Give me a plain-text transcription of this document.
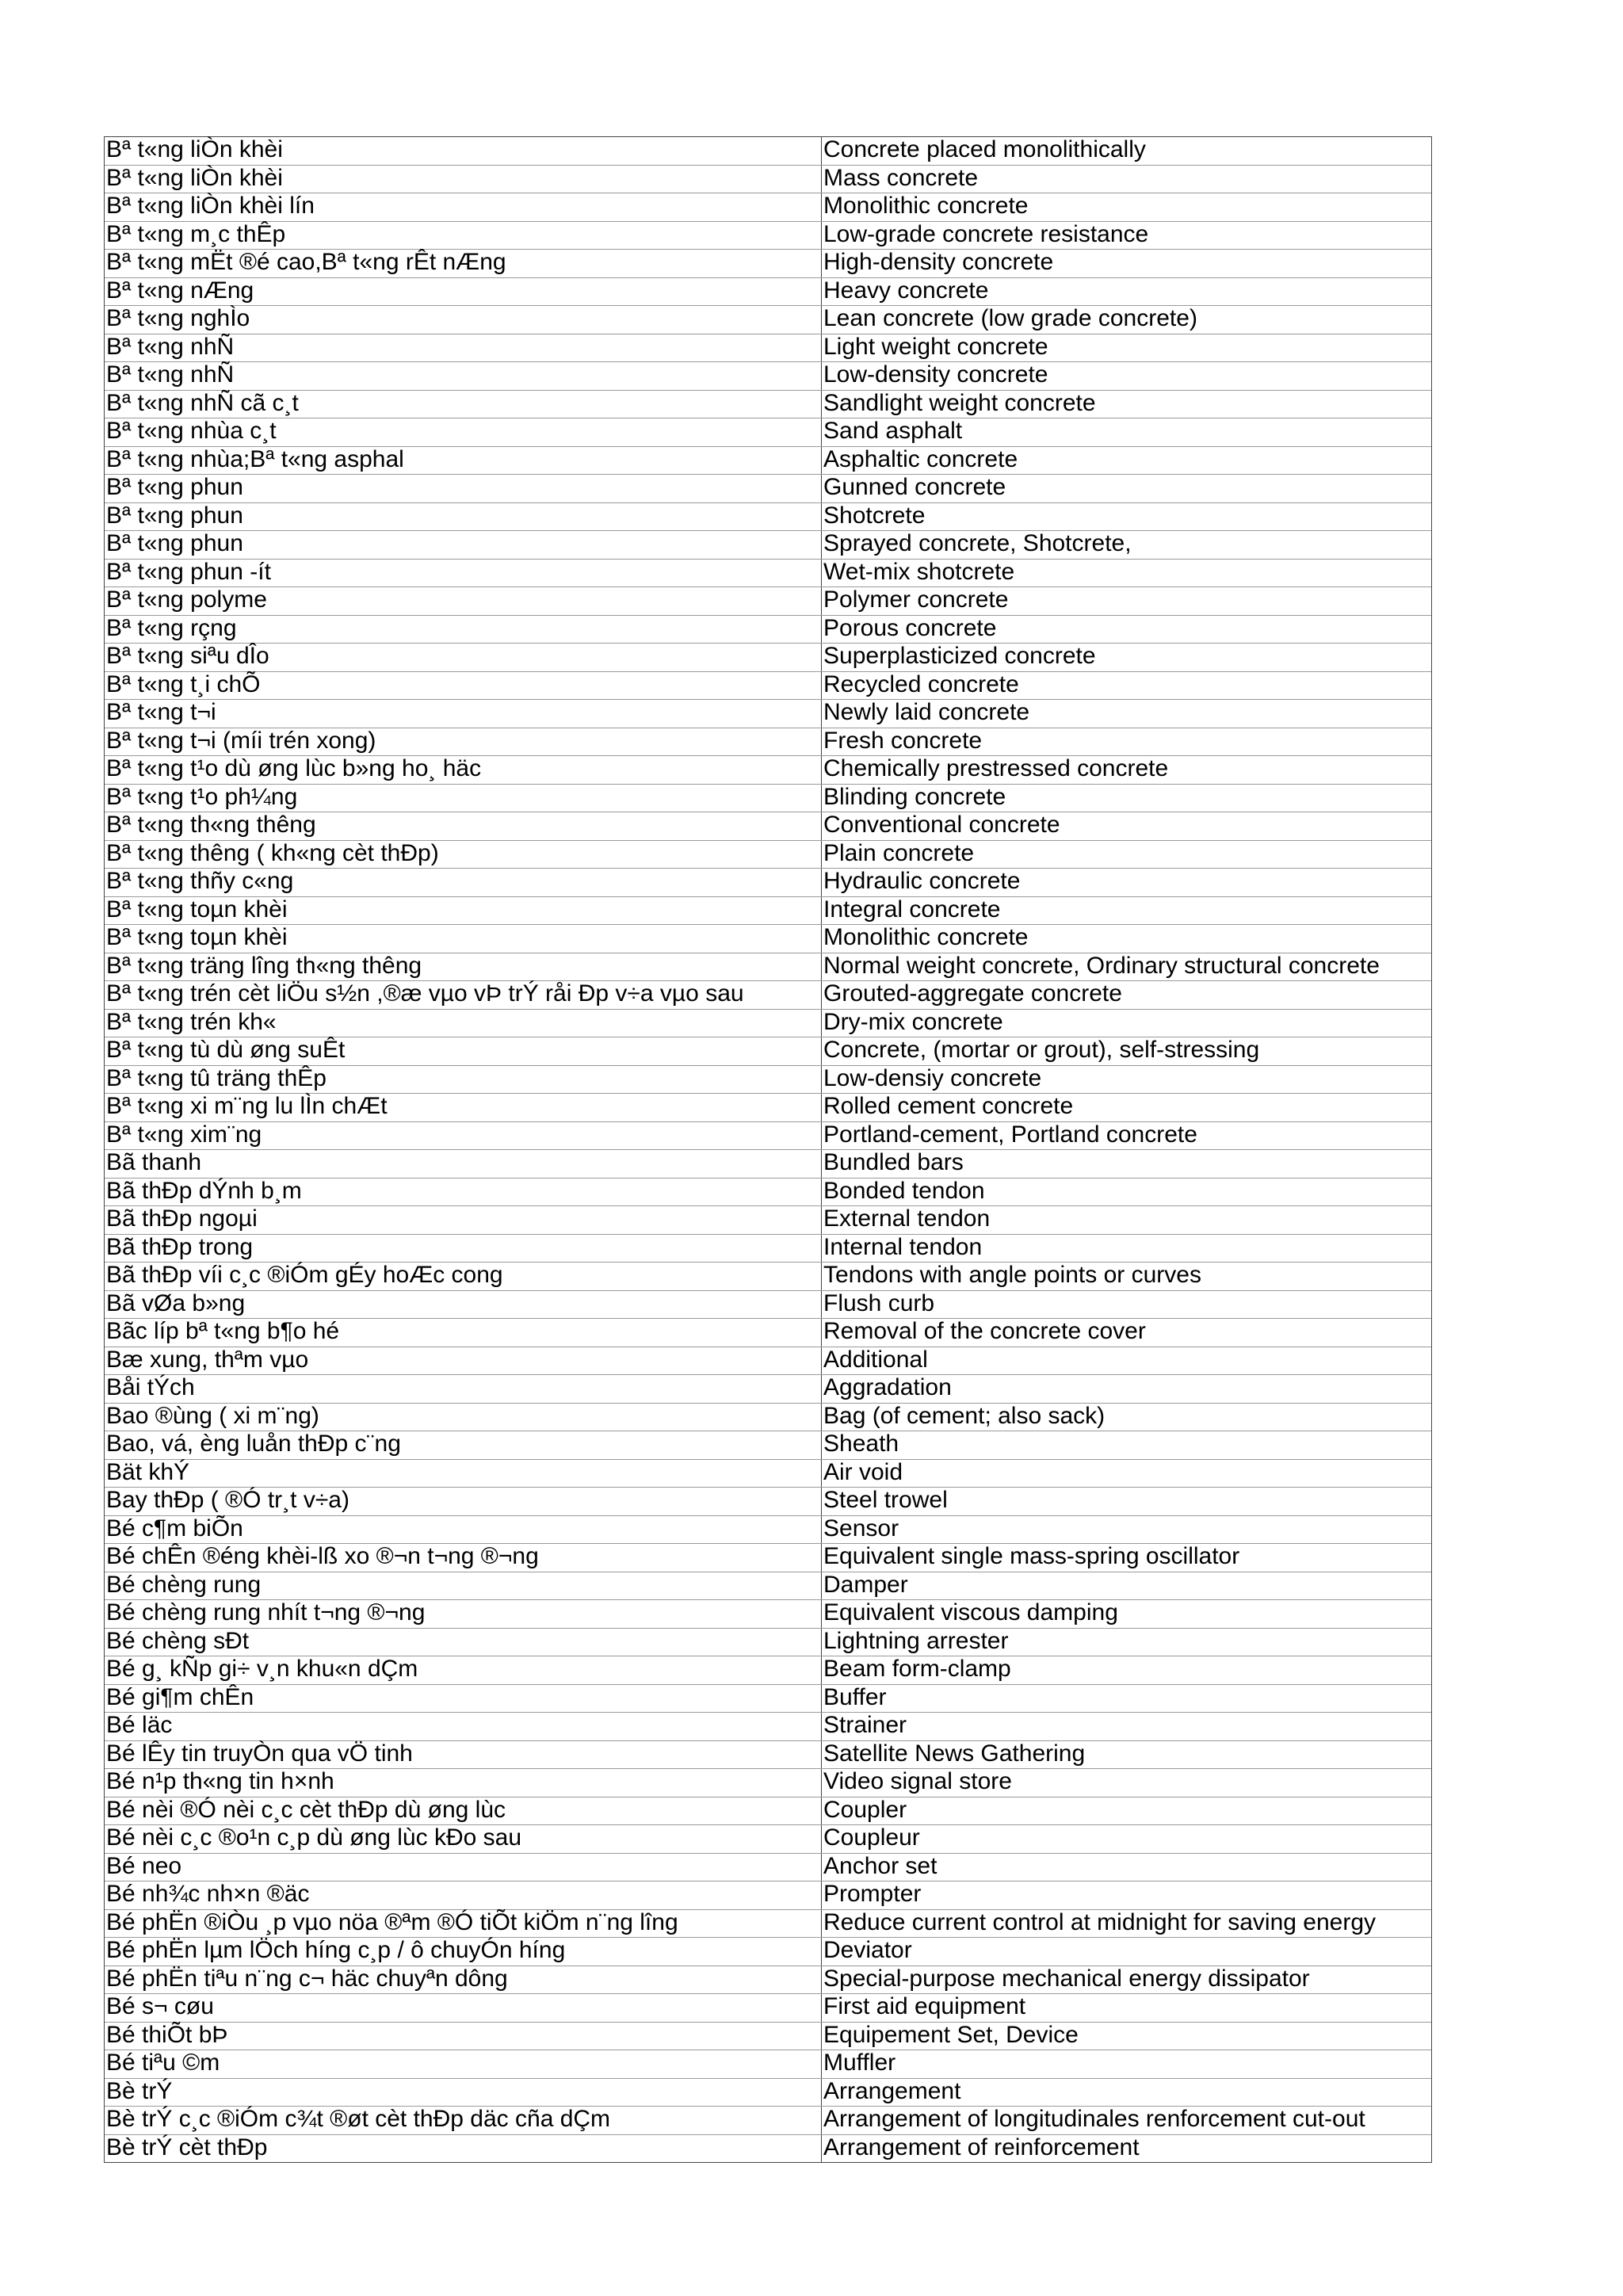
Bª t«ng liÒn khèi	Concrete placed monolithically
Bª t«ng liÒn khèi	Mass concrete
Bª t«ng liÒn khèi lín	Monolithic concrete
Bª t«ng m¸c thÊp	Low-grade concrete resistance
Bª t«ng mËt ®é cao,Bª t«ng rÊt nÆng	High-density concrete
Bª t«ng nÆng	Heavy concrete
Bª t«ng nghÌo	Lean concrete (low grade concrete)
Bª t«ng nhÑ	Light weight concrete
Bª t«ng nhÑ	Low-density concrete
Bª t«ng nhÑ cã c¸t	Sandlight weight concrete
Bª t«ng nhùa c¸t	Sand asphalt
Bª t«ng nhùa;Bª t«ng asphal	Asphaltic concrete
Bª t«ng phun	Gunned concrete
Bª t«ng phun	Shotcrete
Bª t«ng phun	Sprayed concrete, Shotcrete,
Bª t«ng phun -ít	Wet-mix shotcrete
Bª t«ng polyme	Polymer concrete
Bª t«ng rçng	Porous concrete
Bª t«ng siªu dÎo	Superplasticized concrete
Bª t«ng t¸i chÕ	Recycled concrete
Bª t«ng t¬i	Newly laid concrete
Bª t«ng t¬i (míi trén xong)	Fresh concrete
Bª t«ng t¹o dù øng lùc b»ng ho¸ häc	Chemically prestressed concrete
Bª t«ng t¹o ph¼ng	Blinding concrete
Bª t«ng th«ng thêng	Conventional concrete
Bª t«ng thêng ( kh«ng cèt thÐp)	Plain concrete
Bª t«ng thñy c«ng	Hydraulic concrete
Bª t«ng toµn khèi	Integral concrete
Bª t«ng toµn khèi	Monolithic concrete
Bª t«ng träng lîng th«ng thêng	Normal weight concrete, Ordinary structural concrete
Bª t«ng trén cèt liÖu s½n ,®æ vµo vÞ trÝ råi Ðp v÷a vµo sau	Grouted-aggregate concrete
Bª t«ng trén kh«	Dry-mix concrete
Bª t«ng tù dù øng suÊt	Concrete, (mortar or grout), self-stressing
Bª t«ng tû träng thÊp	Low-densiy concrete
Bª t«ng xi m¨ng lu lÌn chÆt	Rolled cement concrete
Bª t«ng xim¨ng	Portland-cement, Portland concrete
Bã thanh	Bundled bars
Bã thÐp dÝnh b¸m	Bonded tendon
Bã thÐp ngoµi	External tendon
Bã thÐp trong	Internal tendon
Bã thÐp víi c¸c ®iÓm gÉy hoÆc cong	Tendons with angle points or curves
Bã vØa b»ng	Flush curb
Bãc líp bª t«ng b¶o hé	Removal of the concrete cover
Bæ xung, thªm vµo	Additional
Båi tÝch	Aggradation
Bao ®ùng ( xi m¨ng)	Bag (of cement; also sack)
Bao, vá, èng luån thÐp c¨ng	Sheath
Bät khÝ	Air void
Bay thÐp ( ®Ó tr¸t v÷a)	Steel trowel
Bé c¶m biÕn	Sensor
Bé chÊn ®éng khèi-lß xo ®¬n t¬ng ®¬ng	Equivalent single mass-spring oscillator
Bé chèng rung	Damper
Bé chèng rung nhít t¬ng ®¬ng	Equivalent viscous damping
Bé chèng sÐt	Lightning arrester
Bé g¸ kÑp gi÷ v¸n khu«n dÇm	Beam form-clamp
Bé gi¶m chÊn	Buffer
Bé läc	Strainer
Bé lÊy tin truyÒn qua vÖ tinh	Satellite News Gathering
Bé n¹p th«ng tin h×nh	Video signal store
Bé nèi ®Ó nèi c¸c cèt thÐp dù øng lùc	Coupler
Bé nèi c¸c ®o¹n c¸p dù øng lùc kÐo sau	Coupleur
Bé neo	Anchor set
Bé nh¾c nh×n ®äc	Prompter
Bé phËn ®iÒu ¸p vµo nöa ®ªm ®Ó tiÕt kiÖm n¨ng lîng	Reduce current control at midnight for saving energy
Bé phËn lµm lÖch híng c¸p / ô chuyÓn híng	Deviator
Bé phËn tiªu n¨ng c¬ häc chuyªn dông	Special-purpose mechanical energy dissipator
Bé s¬ cøu	First aid equipment
Bé thiÕt bÞ	Equipement Set, Device
Bé tiªu ©m	Muffler
Bè trÝ	Arrangement
Bè trÝ c¸c ®iÓm c¾t ®øt cèt thÐp däc cña dÇm	Arrangement of longitudinales renforcement cut-out
Bè trÝ cèt thÐp	Arrangement of reinforcement
